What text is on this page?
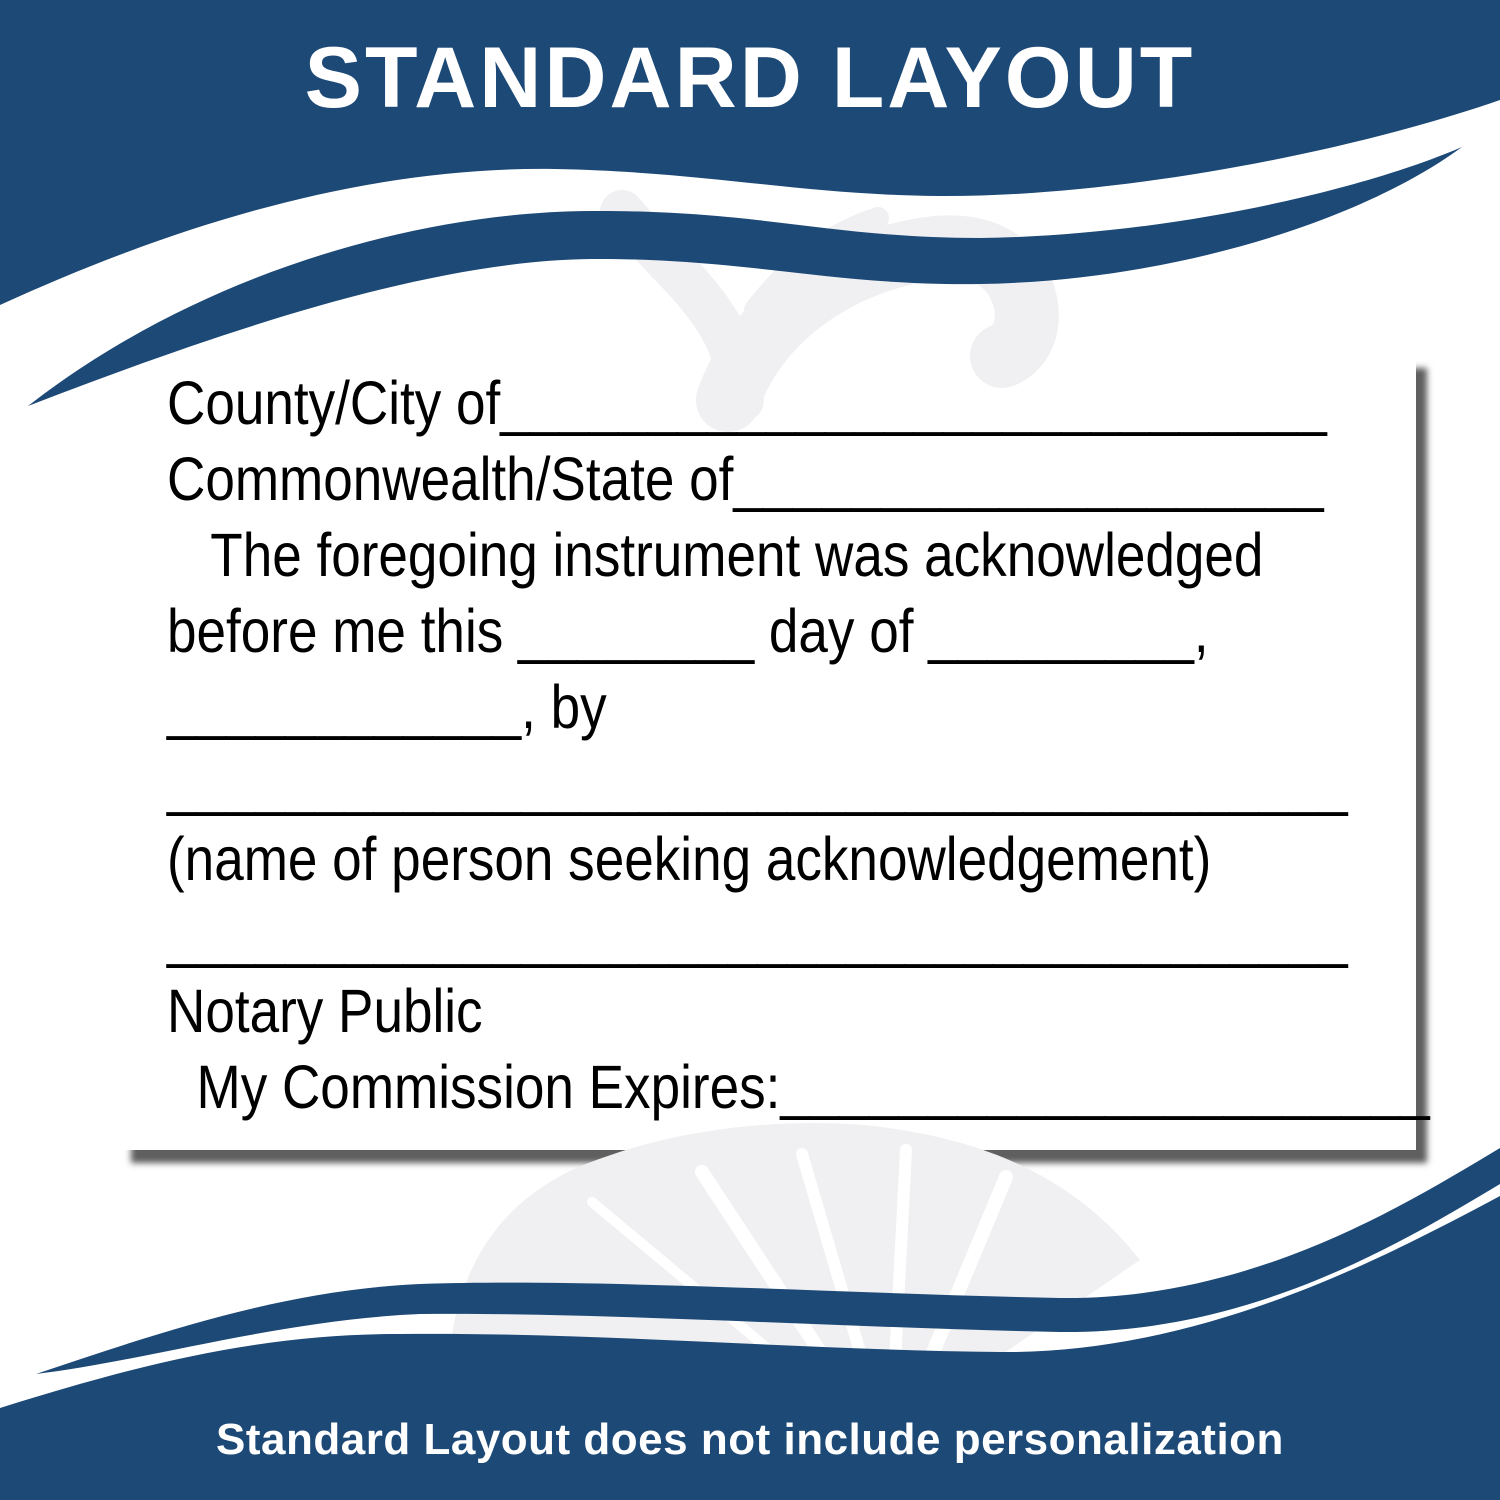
STANDARD LAYOUT
County/City of____________________________
Commonwealth/State of____________________
The foregoing instrument was acknowledged
before me this ________ day of _________,
____________, by
________________________________________
(name of person seeking acknowledgement)
________________________________________
Notary Public
My Commission Expires:______________________
Standard Layout does not include personalization
